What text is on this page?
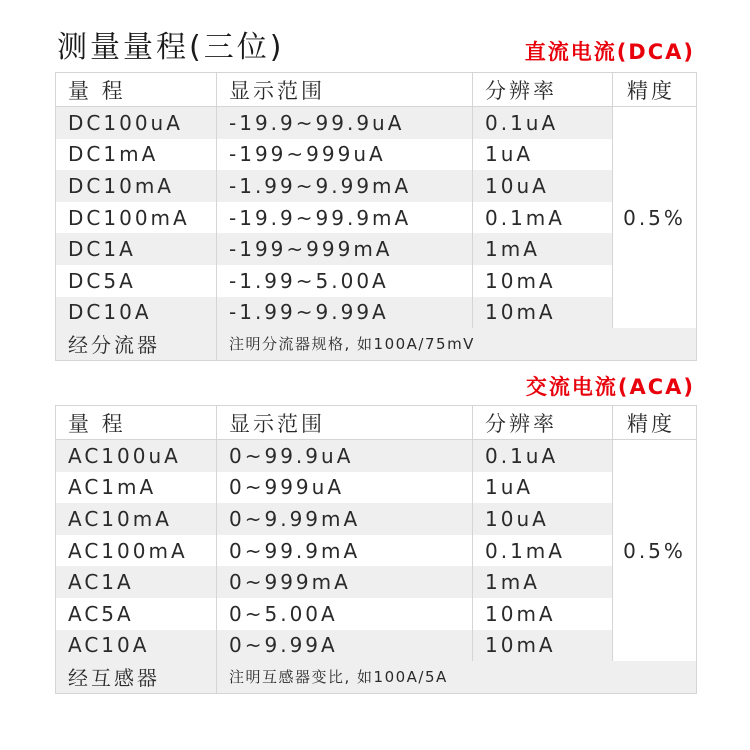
测量量程(三位)	直流电流(DCA)
量 程	显示范围	分辨率	精度
DC100uA	-19.9~99.9uA	0.1uA	0.5%
DC1mA	-199~999uA	1uA	
DC10mA	-1.99~9.99mA	10uA	
DC100mA	-19.9~99.9mA	0.1mA	
DC1A	-199~999mA	1mA	
DC5A	-1.99~5.00A	10mA	
DC10A	-1.99~9.99A	10mA	
经分流器	注明分流器规格, 如100A/75mV		
交流电流(ACA)
量 程	显示范围	分辨率	精度
AC100uA	0~99.9uA	0.1uA	0.5%
AC1mA	0~999uA	1uA	
AC10mA	0~9.99mA	10uA	
AC100mA	0~99.9mA	0.1mA	
AC1A	0~999mA	1mA	
AC5A	0~5.00A	10mA	
AC10A	0~9.99A	10mA	
经互感器	注明互感器变比, 如100A/5A		
